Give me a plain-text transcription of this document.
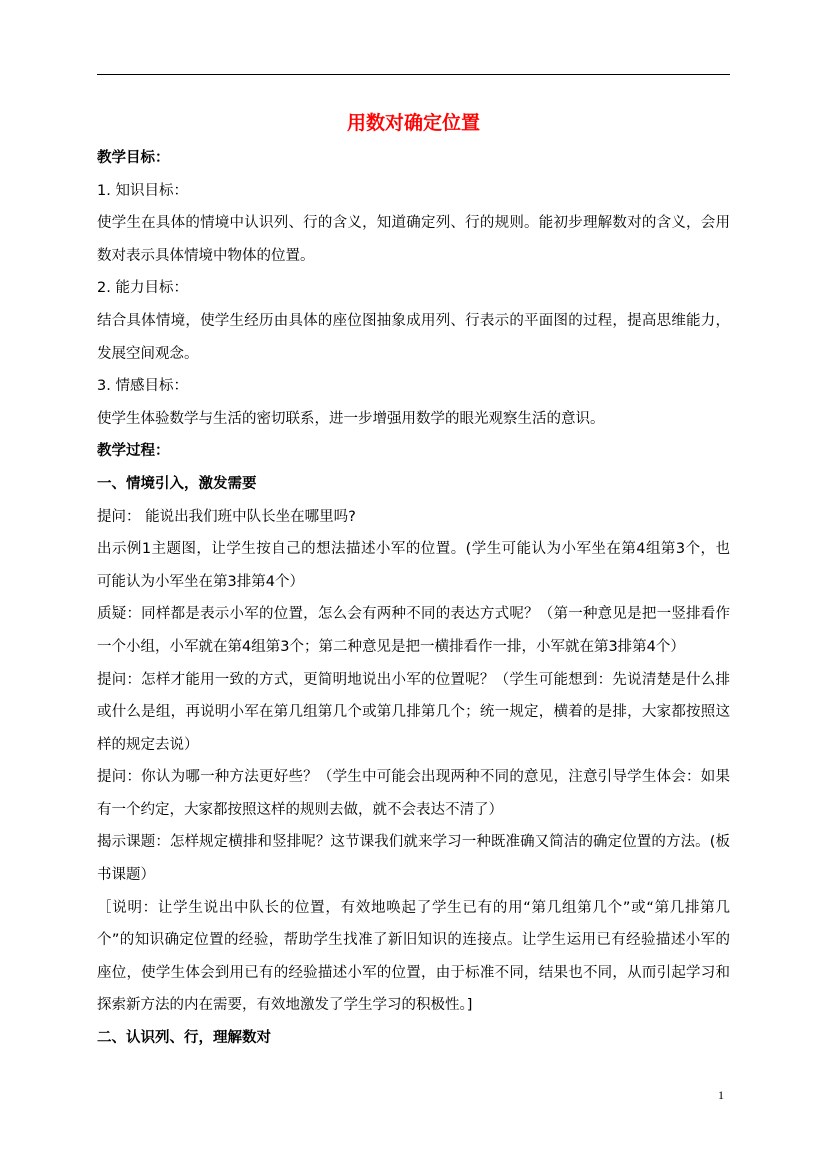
用数对确定位置
教学目标：
1. 知识目标：
使学生在具体的情境中认识列、行的含义，知道确定列、行的规则。能初步理解数对的含义，会用
数对表示具体情境中物体的位置。
2. 能力目标：
结合具体情境，使学生经历由具体的座位图抽象成用列、行表示的平面图的过程，提高思维能力，
发展空间观念。
3. 情感目标：
使学生体验数学与生活的密切联系，进一步增强用数学的眼光观察生活的意识。
教学过程：
一、情境引入，激发需要
提问： 能说出我们班中队长坐在哪里吗?
出示例1主题图，让学生按自己的想法描述小军的位置。(学生可能认为小军坐在第4组第3个，也
可能认为小军坐在第3排第4个）
质疑：同样都是表示小军的位置，怎么会有两种不同的表达方式呢？（第一种意见是把一竖排看作
一个小组，小军就在第4组第3个；第二种意见是把一横排看作一排，小军就在第3排第4个）
提问：怎样才能用一致的方式，更简明地说出小军的位置呢？（学生可能想到：先说清楚是什么排
或什么是组，再说明小军在第几组第几个或第几排第几个；统一规定，横着的是排，大家都按照这
样的规定去说）
提问：你认为哪一种方法更好些？（学生中可能会出现两种不同的意见，注意引导学生体会：如果
有一个约定，大家都按照这样的规则去做，就不会表达不清了）
揭示课题：怎样规定横排和竖排呢？这节课我们就来学习一种既准确又简洁的确定位置的方法。(板
书课题）
［说明：让学生说出中队长的位置，有效地唤起了学生已有的用“第几组第几个”或“第几排第几
个”的知识确定位置的经验，帮助学生找准了新旧知识的连接点。让学生运用已有经验描述小军的
座位，使学生体会到用已有的经验描述小军的位置，由于标准不同，结果也不同，从而引起学习和
探索新方法的内在需要，有效地激发了学生学习的积极性。]
二、认识列、行，理解数对
1
